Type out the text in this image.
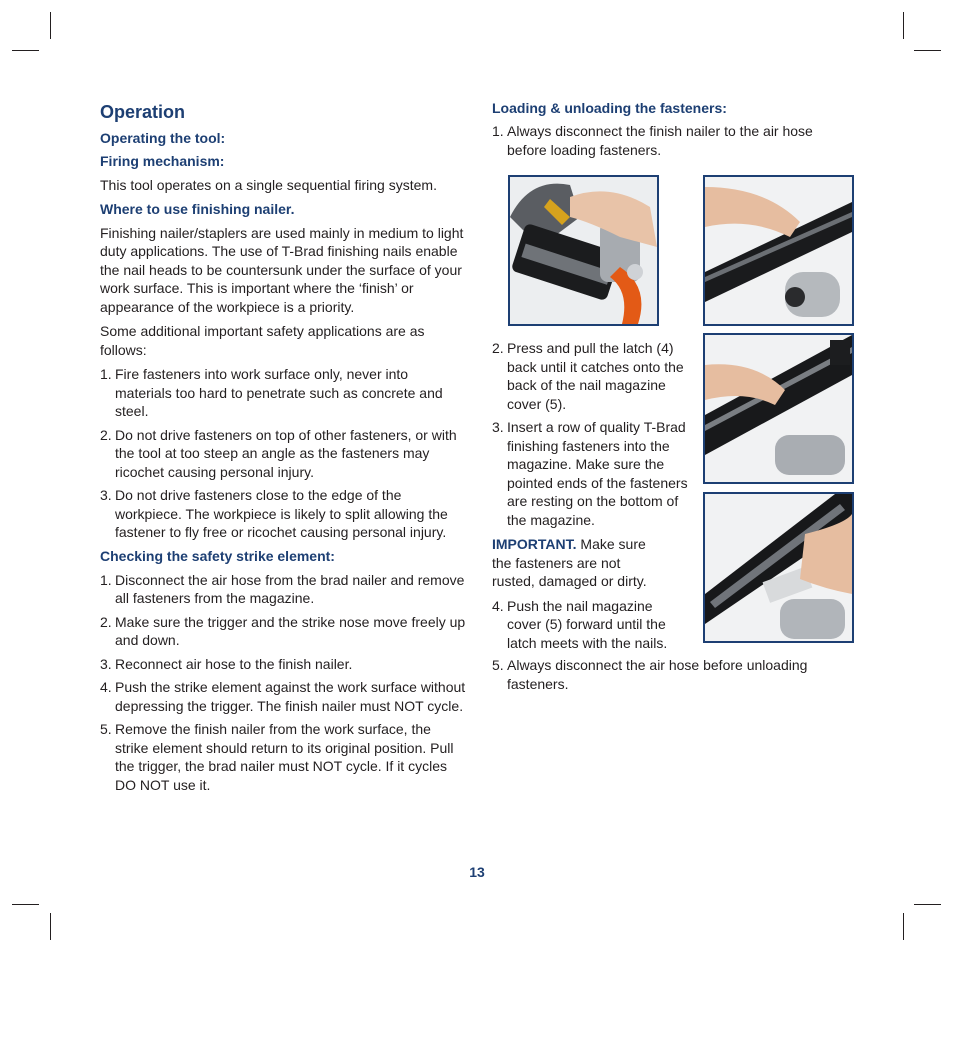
Operation
Operating the tool:
Firing mechanism:

This tool operates on a single sequential firing system.

Where to use finishing nailer.

Finishing nailer/staplers are used mainly in medium to light duty applications. The use of T-Brad finishing nails enable the nail heads to be countersunk under the surface of your work surface. This is important where the ‘finish’ or appearance of the workpiece is a priority.

Some additional important safety applications are as follows:

1. Fire fasteners into work surface only, never into materials too hard to penetrate such as concrete and steel.
2. Do not drive fasteners on top of other fasteners, or with the tool at too steep an angle as the fasteners may ricochet causing personal injury.
3. Do not drive fasteners close to the edge of the workpiece. The workpiece is likely to split allowing the fastener to fly free or ricochet causing personal injury.
Checking the safety strike element:
1. Disconnect the air hose from the brad nailer and remove all fasteners from the magazine.
2. Make sure the trigger and the strike nose move freely up and down.
3. Reconnect air hose to the finish nailer.
4. Push the strike element against the work surface without depressing the trigger. The finish nailer must NOT cycle.
5. Remove the finish nailer from the work surface, the strike element should return to its original position. Pull the trigger, the brad nailer must NOT cycle. If it cycles DO NOT use it.
Loading & unloading the fasteners:
1. Always disconnect the finish nailer to the air hose before loading fasteners.
2. Press and pull the latch (4) back until it catches onto the back of the nail magazine cover (5).
3. Insert a row of quality T-Brad finishing fasteners into the magazine. Make sure the pointed ends of the fasteners are resting on the bottom of the magazine.

IMPORTANT. Make sure the fasteners are not rusted, damaged or dirty.

4. Push the nail magazine cover (5) forward until the latch meets with the nails.
5. Always disconnect the air hose before unloading fasteners.
13
